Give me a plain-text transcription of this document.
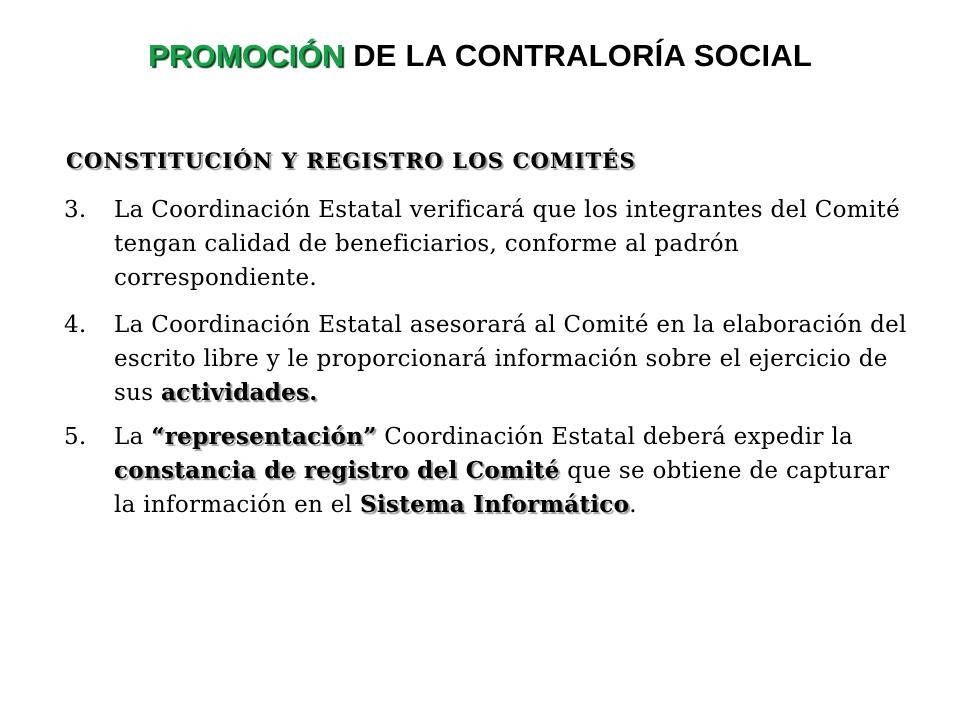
PROMOCIÓN DE LA CONTRALORÍA SOCIAL
CONSTITUCIÓN Y REGISTRO LOS COMITÉS
3. La Coordinación Estatal verificará que los integrantes del Comité tengan calidad de beneficiarios, conforme al padrón correspondiente.
4. La Coordinación Estatal asesorará al Comité en la elaboración del escrito libre y le proporcionará información sobre el ejercicio de sus actividades.
5. La “representación” Coordinación Estatal deberá expedir la constancia de registro del Comité que se obtiene de capturar la información en el Sistema Informático.
